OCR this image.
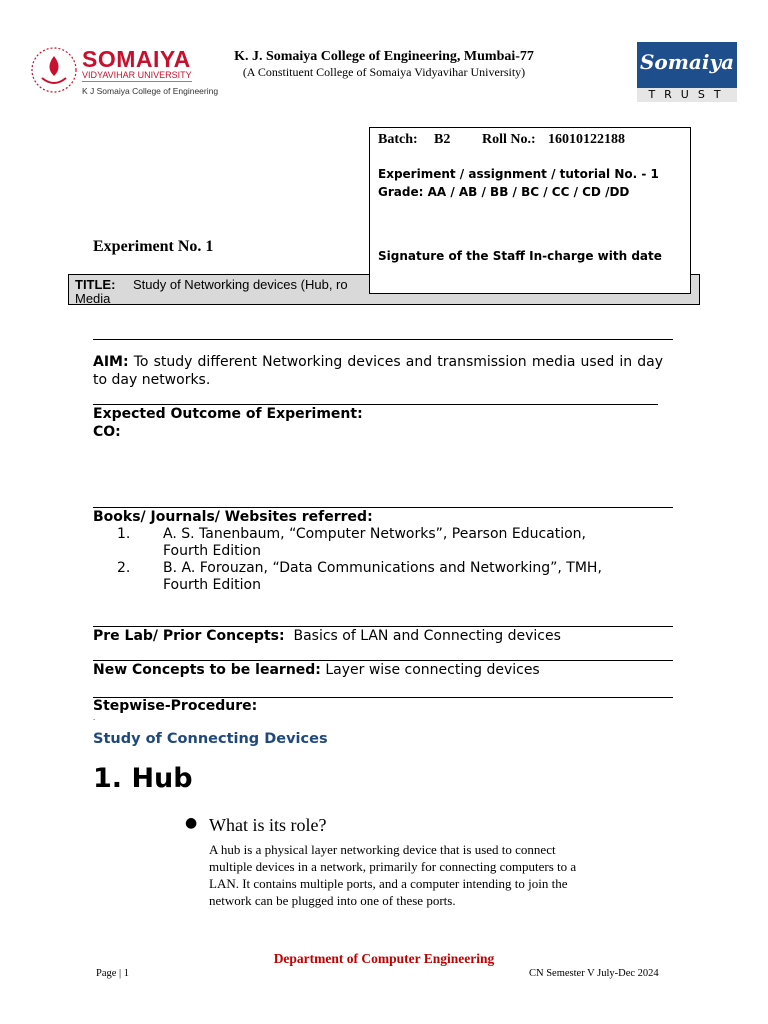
SOMAIYA
VIDYAVIHAR UNIVERSITY
K J Somaiya College of Engineering
K. J. Somaiya College of Engineering, Mumbai-77
(A Constituent College of Somaiya Vidyavihar University)	Somaiya
TRUST
Batch: B2 Roll No.: 16010122188
Experiment / assignment / tutorial No. - 1
Grade: AA / AB / BB / BC / CC / CD /DD
Signature of the Staff In-charge with date
Experiment No. 1
TITLE: Study of Networking devices (Hub, ro
Media
AIM: To study different Networking devices and transmission media used in day to day networks.
Expected Outcome of Experiment:
CO:
Books/ Journals/ Websites referred:
1. A. S. Tanenbaum, “Computer Networks”, Pearson Education,
Fourth Edition
2. B. A. Forouzan, “Data Communications and Networking”, TMH,
Fourth Edition
Pre Lab/ Prior Concepts: Basics of LAN and Connecting devices
New Concepts to be learned: Layer wise connecting devices
Stepwise-Procedure:
.
Study of Connecting Devices
1. Hub
● What is its role?
A hub is a physical layer networking device that is used to connect
multiple devices in a network, primarily for connecting computers to a
LAN. It contains multiple ports, and a computer intending to join the
network can be plugged into one of these ports.
Department of Computer Engineering
Page | 1	CN Semester V July-Dec 2024
